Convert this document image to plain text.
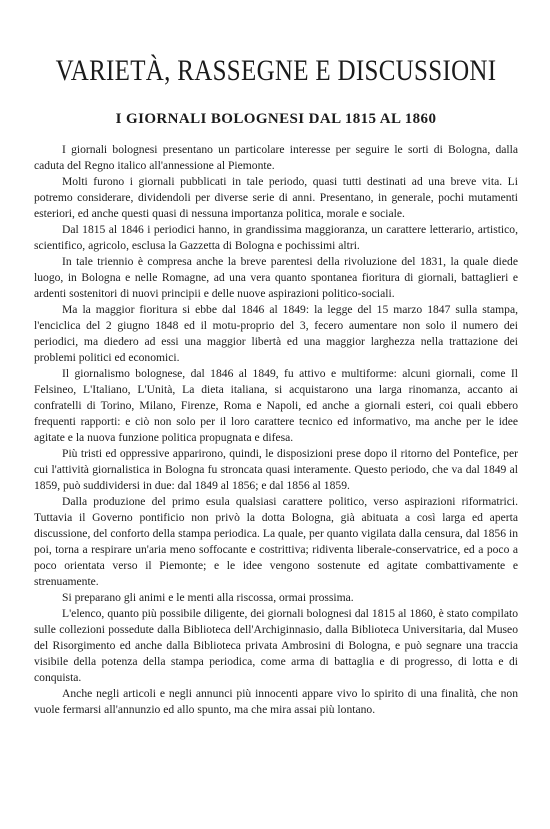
VARIETÀ, RASSEGNE E DISCUSSIONI
I GIORNALI BOLOGNESI DAL 1815 AL 1860

I giornali bolognesi presentano un particolare interesse per seguire le sorti di Bologna, dalla caduta del Regno italico all'annessione al Piemonte.

Molti furono i giornali pubblicati in tale periodo, quasi tutti destinati ad una breve vita. Li potremo considerare, dividendoli per diverse serie di anni. Presentano, in generale, pochi mutamenti esteriori, ed anche questi quasi di nessuna importanza politica, morale e sociale.

Dal 1815 al 1846 i periodici hanno, in grandissima maggioranza, un carattere letterario, artistico, scientifico, agricolo, esclusa la Gazzetta di Bologna e pochissimi altri.

In tale triennio è compresa anche la breve parentesi della rivoluzione del 1831, la quale diede luogo, in Bologna e nelle Romagne, ad una vera quanto spontanea fioritura di giornali, battaglieri e ardenti sostenitori di nuovi principii e delle nuove aspirazioni politico-sociali.

Ma la maggior fioritura si ebbe dal 1846 al 1849: la legge del 15 marzo 1847 sulla stampa, l'enciclica del 2 giugno 1848 ed il motu-proprio del 3, fecero aumentare non solo il numero dei periodici, ma diedero ad essi una maggior libertà ed una maggior larghezza nella trattazione dei problemi politici ed economici.

Il giornalismo bolognese, dal 1846 al 1849, fu attivo e multiforme: alcuni giornali, come Il Felsineo, L'Italiano, L'Unità, La dieta italiana, si acquistarono una larga rinomanza, accanto ai confratelli di Torino, Milano, Firenze, Roma e Napoli, ed anche a giornali esteri, coi quali ebbero frequenti rapporti: e ciò non solo per il loro carattere tecnico ed informativo, ma anche per le idee agitate e la nuova funzione politica propugnata e difesa.

Più tristi ed oppressive apparirono, quindi, le disposizioni prese dopo il ritorno del Pontefice, per cui l'attività giornalistica in Bologna fu stroncata quasi interamente. Questo periodo, che va dal 1849 al 1859, può suddividersi in due: dal 1849 al 1856; e dal 1856 al 1859.

Dalla produzione del primo esula qualsiasi carattere politico, verso aspirazioni riformatrici. Tuttavia il Governo pontificio non privò la dotta Bologna, già abituata a così larga ed aperta discussione, del conforto della stampa periodica. La quale, per quanto vigilata dalla censura, dal 1856 in poi, torna a respirare un'aria meno soffocante e costrittiva; ridiventa liberale-conservatrice, ed a poco a poco orientata verso il Piemonte; e le idee vengono sostenute ed agitate combattivamente e strenuamente.

Si preparano gli animi e le menti alla riscossa, ormai prossima.

L'elenco, quanto più possibile diligente, dei giornali bolognesi dal 1815 al 1860, è stato compilato sulle collezioni possedute dalla Biblioteca dell'Archiginnasio, dalla Biblioteca Universitaria, dal Museo del Risorgimento ed anche dalla Biblioteca privata Ambrosini di Bologna, e può segnare una traccia visibile della potenza della stampa periodica, come arma di battaglia e di progresso, di lotta e di conquista.

Anche negli articoli e negli annunci più innocenti appare vivo lo spirito di una finalità, che non vuole fermarsi all'annunzio ed allo spunto, ma che mira assai più lontano.
